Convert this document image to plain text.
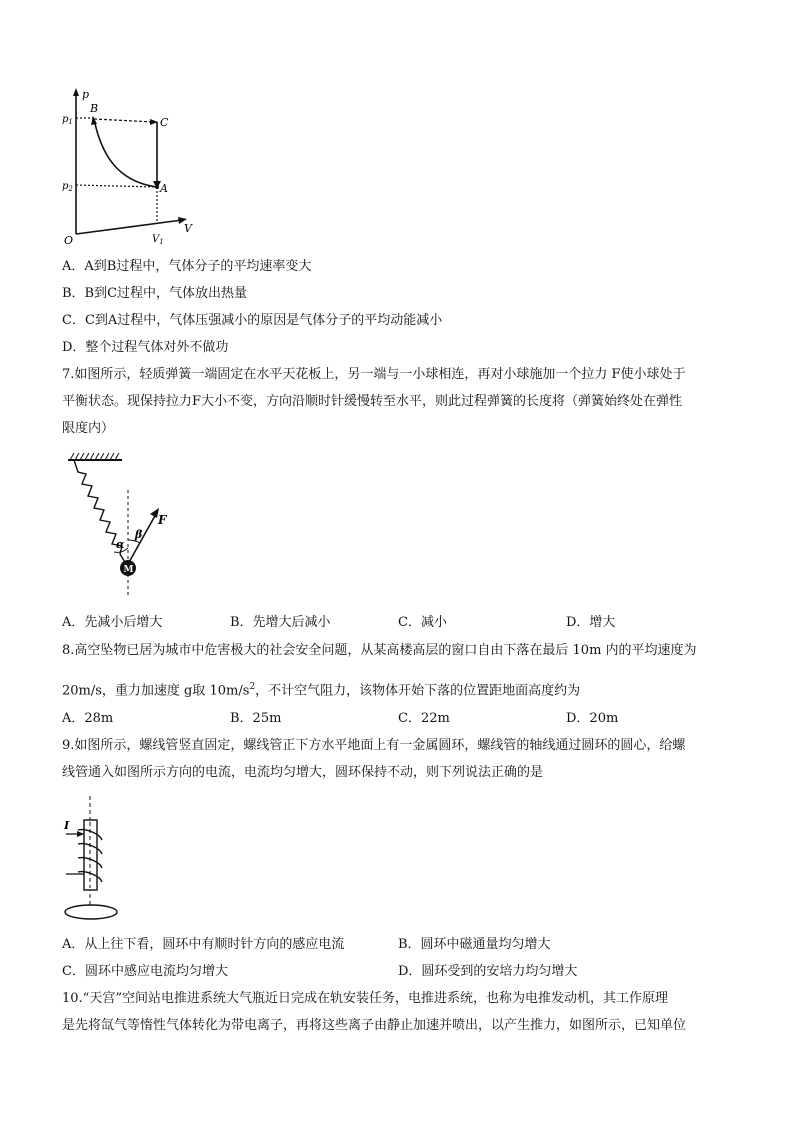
p
V
O
$p_1$
$p_2$
$V_1$
B
C
A
A．A到B过程中，气体分子的平均速率变大
B．B到C过程中，气体放出热量
C．C到A过程中，气体压强减小的原因是气体分子的平均动能减小
D．整个过程气体对外不做功
7.如图所示，轻质弹簧一端固定在水平天花板上，另一端与一小球相连，再对小球施加一个拉力 F使小球处于
平衡状态。现保持拉力F大小不变，方向沿顺时针缓慢转至水平，则此过程弹簧的长度将（弹簧始终处在弹性
限度内）
M
α
β
F
A．先减小后增大	B．先增大后减小	C．减小	D．增大
8.高空坠物已居为城市中危害极大的社会安全问题，从某高楼高层的窗口自由下落在最后 10m 内的平均速度为
20m/s，重力加速度 g取 $10m/s^2$，不计空气阻力，该物体开始下落的位置距地面高度约为
A．28m	B．25m	C．22m	D．20m
9.如图所示，螺线管竖直固定，螺线管正下方水平地面上有一金属圆环，螺线管的轴线通过圆环的圆心，给螺
线管通入如图所示方向的电流，电流均匀增大，圆环保持不动，则下列说法正确的是
I
A．从上往下看，圆环中有顺时针方向的感应电流	B．圆环中磁通量均匀增大
C．圆环中感应电流均匀增大	D．圆环受到的安培力均匀增大
10.“天宫”空间站电推进系统大气瓶近日完成在轨安装任务，电推进系统，也称为电推发动机，其工作原理
是先将氙气等惰性气体转化为带电离子，再将这些离子由静止加速并喷出，以产生推力，如图所示，已知单位
